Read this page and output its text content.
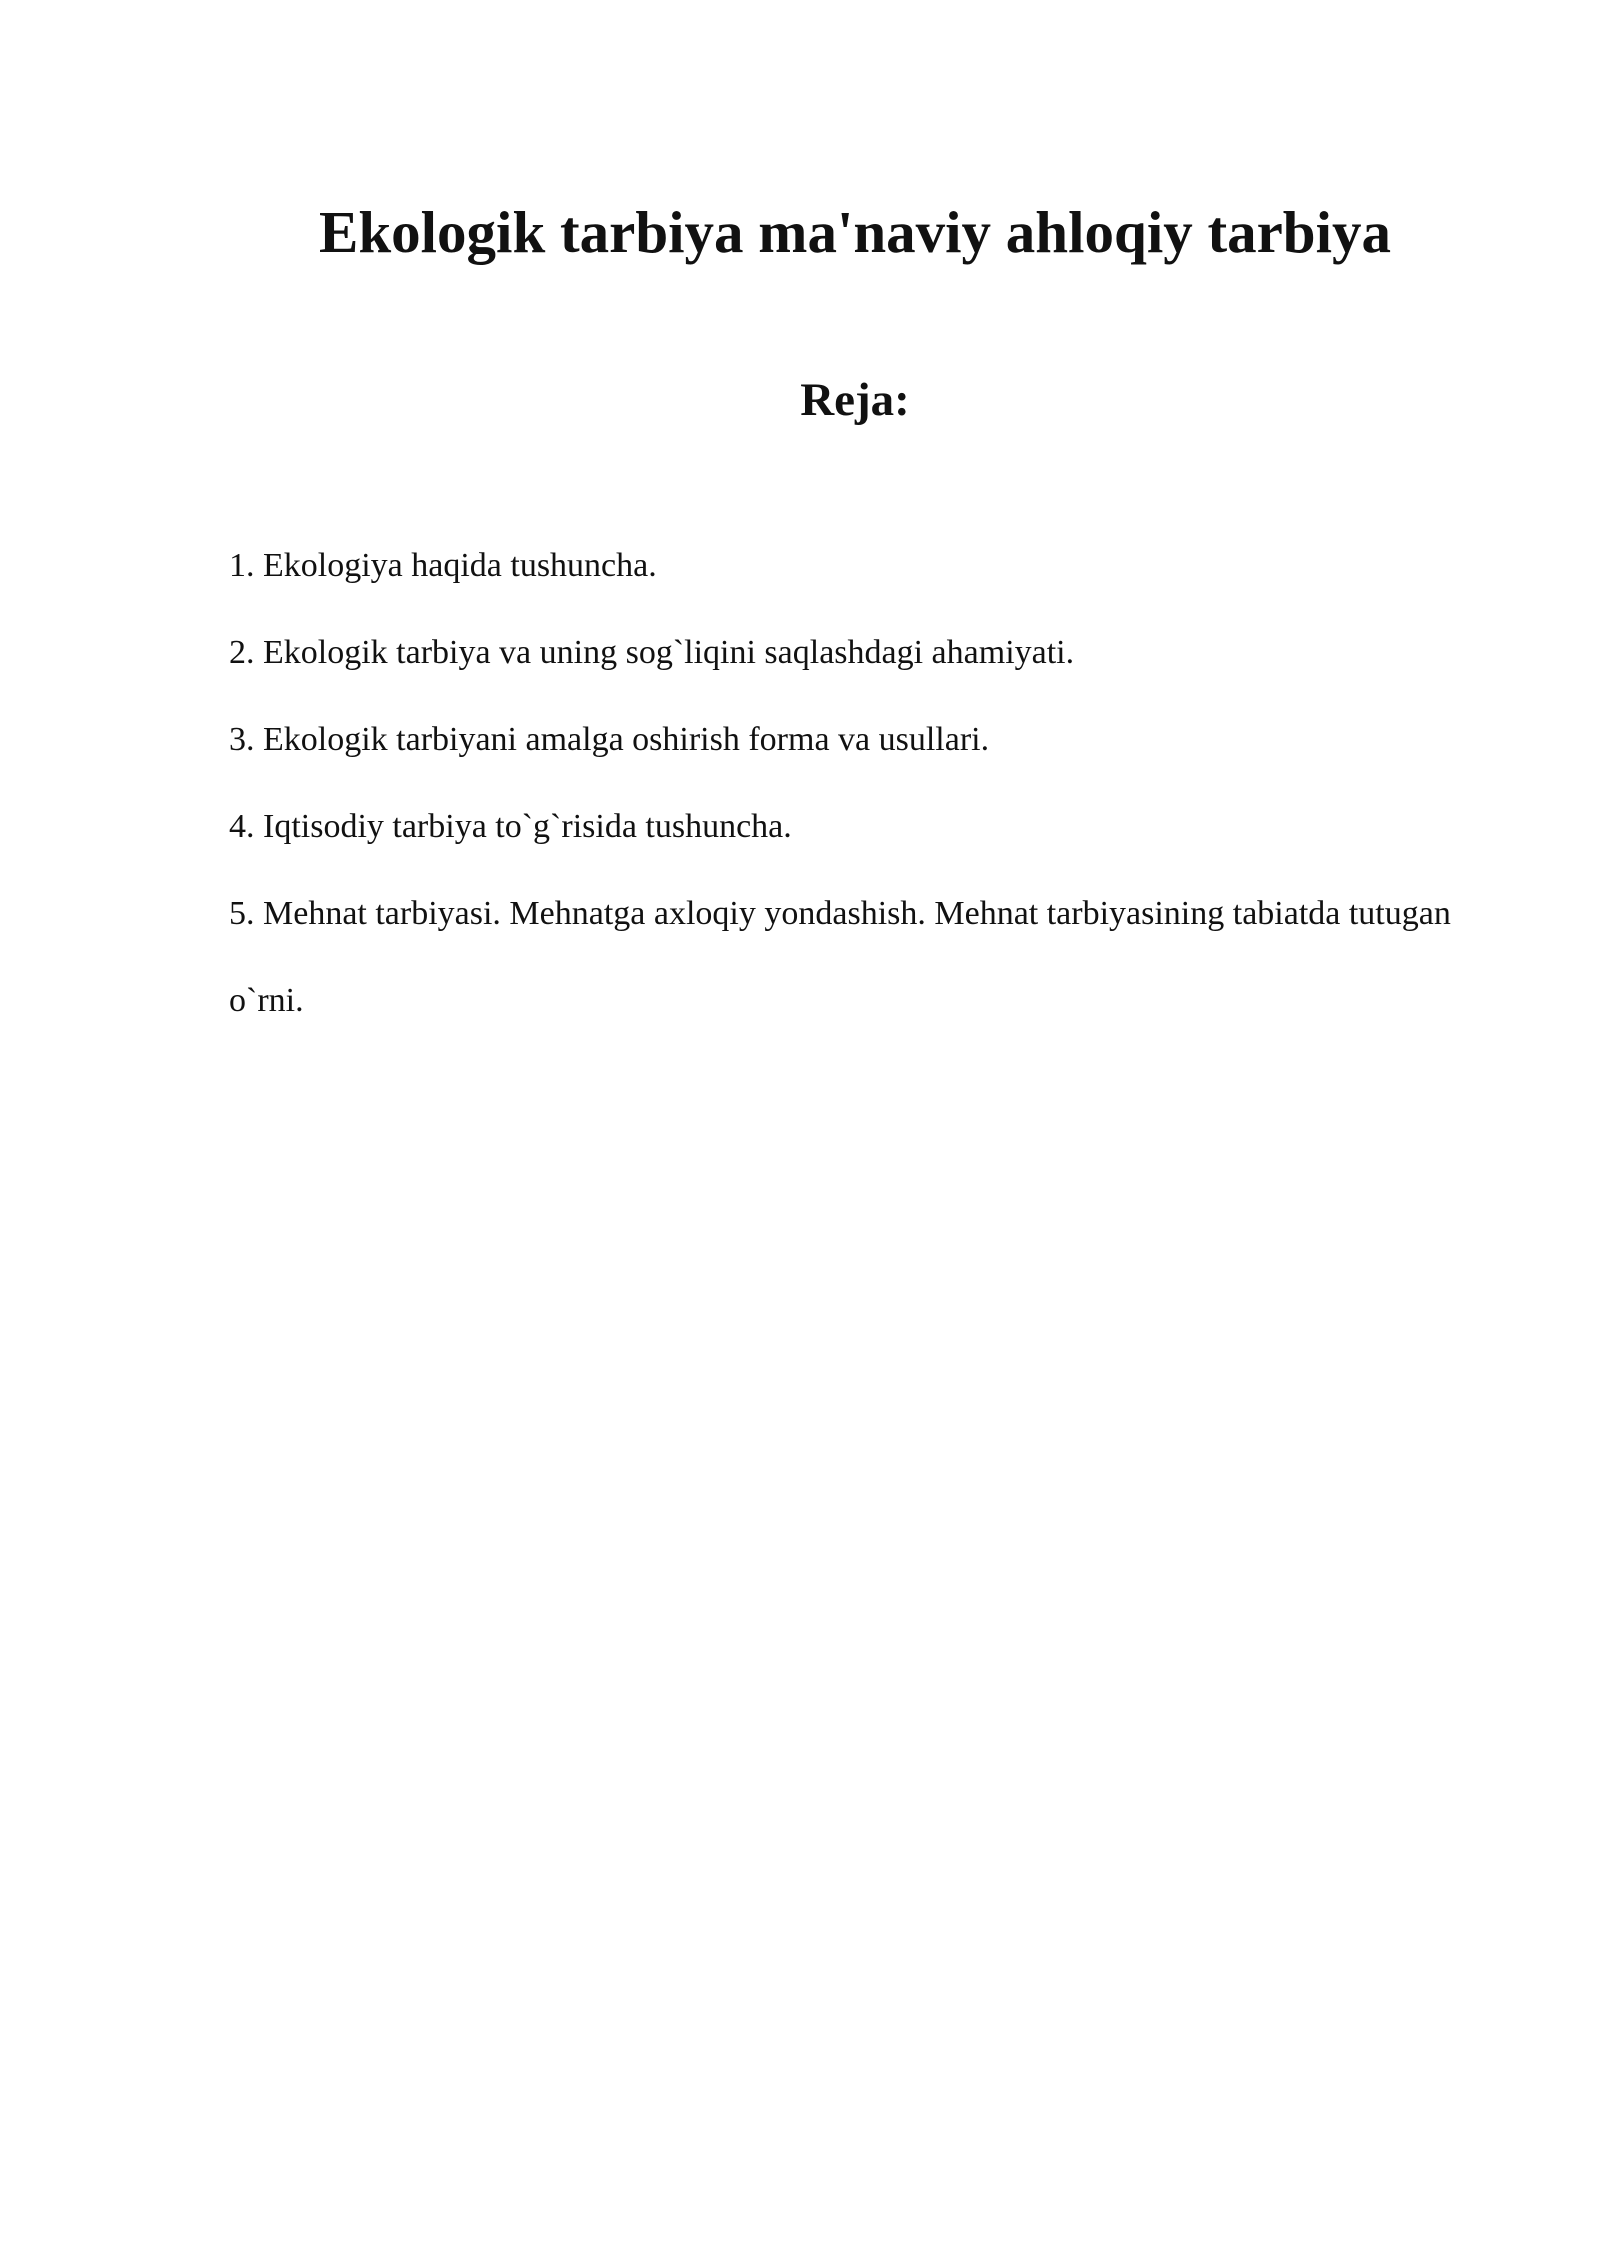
Ekologik tarbiya ma'naviy ahloqiy tarbiya
Reja:
1. Ekologiya haqida tushuncha.
2. Ekologik tarbiya va uning sog`liqini saqlashdagi ahamiyati.
3. Ekologik tarbiyani amalga oshirish forma va usullari.
4. Iqtisodiy tarbiya to`g`risida tushuncha.
5. Mehnat tarbiyasi. Mehnatga axloqiy yondashish. Mehnat tarbiyasining tabiatda tutugan o`rni.
